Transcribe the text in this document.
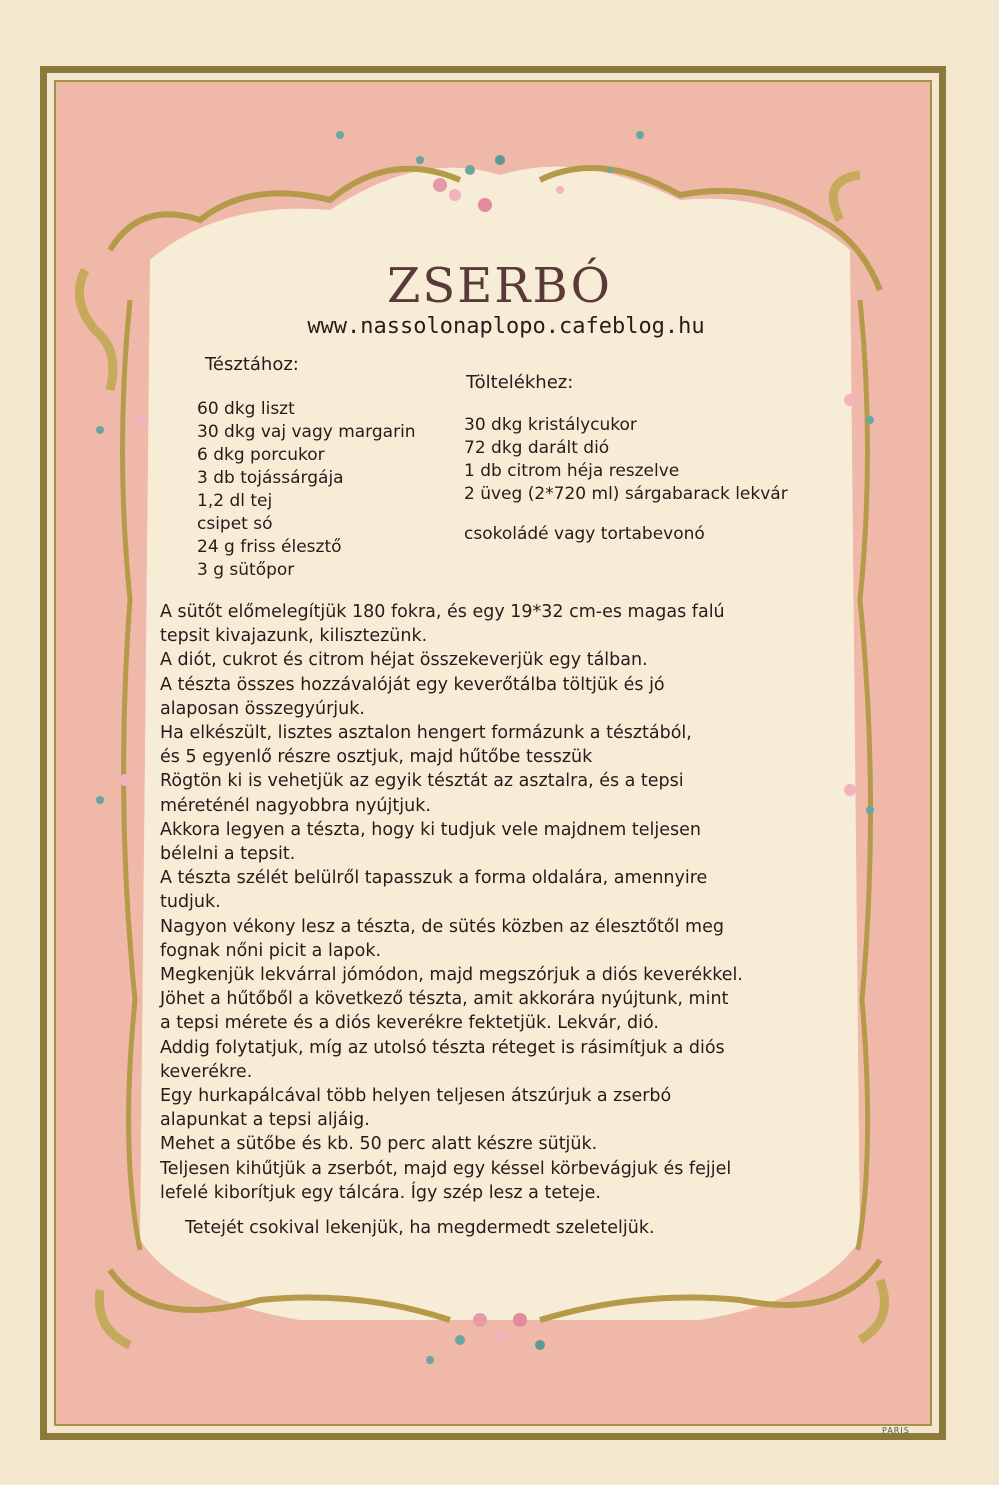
ZSERBÓ
www.nassolonaplopo.cafeblog.hu
Tésztához:
60 dkg liszt
30 dkg vaj vagy margarin
6 dkg porcukor
3 db tojássárgája
1,2 dl tej
csipet só
24 g friss élesztő
3 g sütőpor
Töltelékhez:
30 dkg kristálycukor
72 dkg darált dió
1 db citrom héja reszelve
2 üveg (2*720 ml) sárgabarack lekvár
csokoládé vagy tortabevonó
A sütőt előmelegítjük 180 fokra, és egy 19*32 cm-es magas falú
tepsit kivajazunk, kilisztezünk.
A diót, cukrot és citrom héjat összekeverjük egy tálban.
A tészta összes hozzávalóját egy keverőtálba töltjük és jó
alaposan összegyúrjuk.
Ha elkészült, lisztes asztalon hengert formázunk a tésztából,
és 5 egyenlő részre osztjuk, majd hűtőbe tesszük
Rögtön ki is vehetjük az egyik tésztát az asztalra, és a tepsi
méreténél nagyobbra nyújtjuk.
Akkora legyen a tészta, hogy ki tudjuk vele majdnem teljesen
bélelni a tepsit.
A tészta szélét belülről tapasszuk a forma oldalára, amennyire
tudjuk.
Nagyon vékony lesz a tészta, de sütés közben az élesztőtől meg
fognak nőni picit a lapok.
Megkenjük lekvárral jómódon, majd megszórjuk a diós keverékkel.
Jöhet a hűtőből a következő tészta, amit akkorára nyújtunk, mint
a tepsi mérete és a diós keverékre fektetjük. Lekvár, dió.
Addig folytatjuk, míg az utolsó tészta réteget is rásimítjuk a diós
keverékre.
Egy hurkapálcával több helyen teljesen átszúrjuk a zserbó
alapunkat a tepsi aljáig.
Mehet a sütőbe és kb. 50 perc alatt készre sütjük.
Teljesen kihűtjük a zserbót, majd egy késsel körbevágjuk és fejjel
lefelé kiborítjuk egy tálcára. Így szép lesz a teteje.
Tetejét csokival lekenjük, ha megdermedt szeleteljük.
PARIS
